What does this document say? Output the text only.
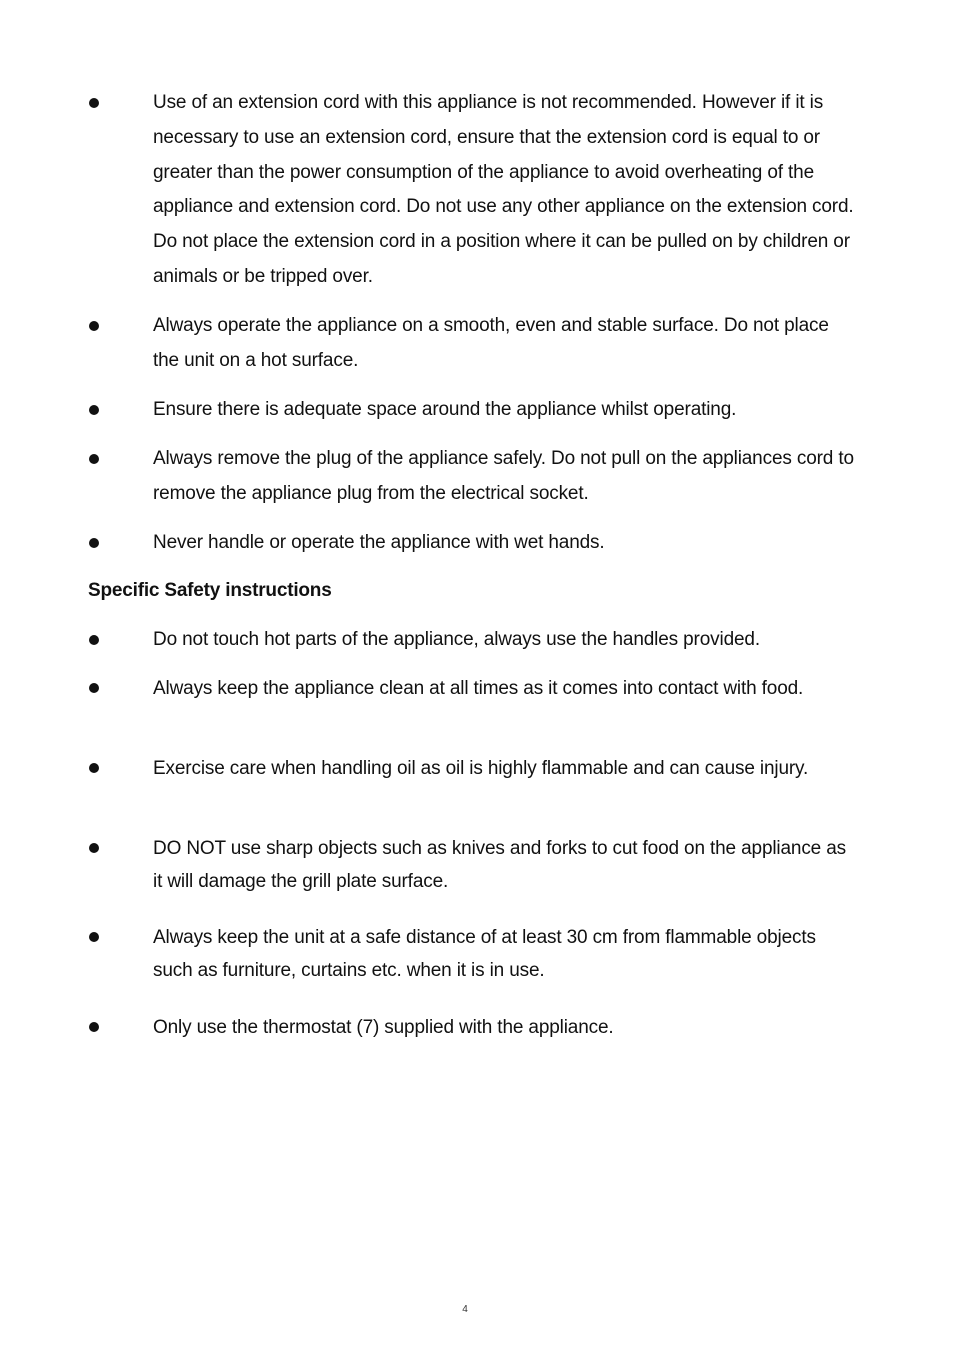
Use of an extension cord with this appliance is not recommended. However if it is necessary to use an extension cord, ensure that the extension cord is equal to or greater than the power consumption of the appliance to avoid overheating of the appliance and extension cord. Do not use any other appliance on the extension cord. Do not place the extension cord in a position where it can be pulled on by children or animals or be tripped over.
Always operate the appliance on a smooth, even and stable surface. Do not place the unit on a hot surface.
Ensure there is adequate space around the appliance whilst operating.
Always remove the plug of the appliance safely. Do not pull on the appliances cord to remove the appliance plug from the electrical socket.
Never handle or operate the appliance with wet hands.
Specific Safety instructions
Do not touch hot parts of the appliance, always use the handles provided.
Always keep the appliance clean at all times as it comes into contact with food.
Exercise care when handling oil as oil is highly flammable and can cause injury.
DO NOT use sharp objects such as knives and forks to cut food on the appliance as it will damage the grill plate surface.
Always keep the unit at a safe distance of at least 30 cm from flammable objects such as furniture, curtains etc. when it is in use.
Only use the thermostat (7) supplied with the appliance.
4
